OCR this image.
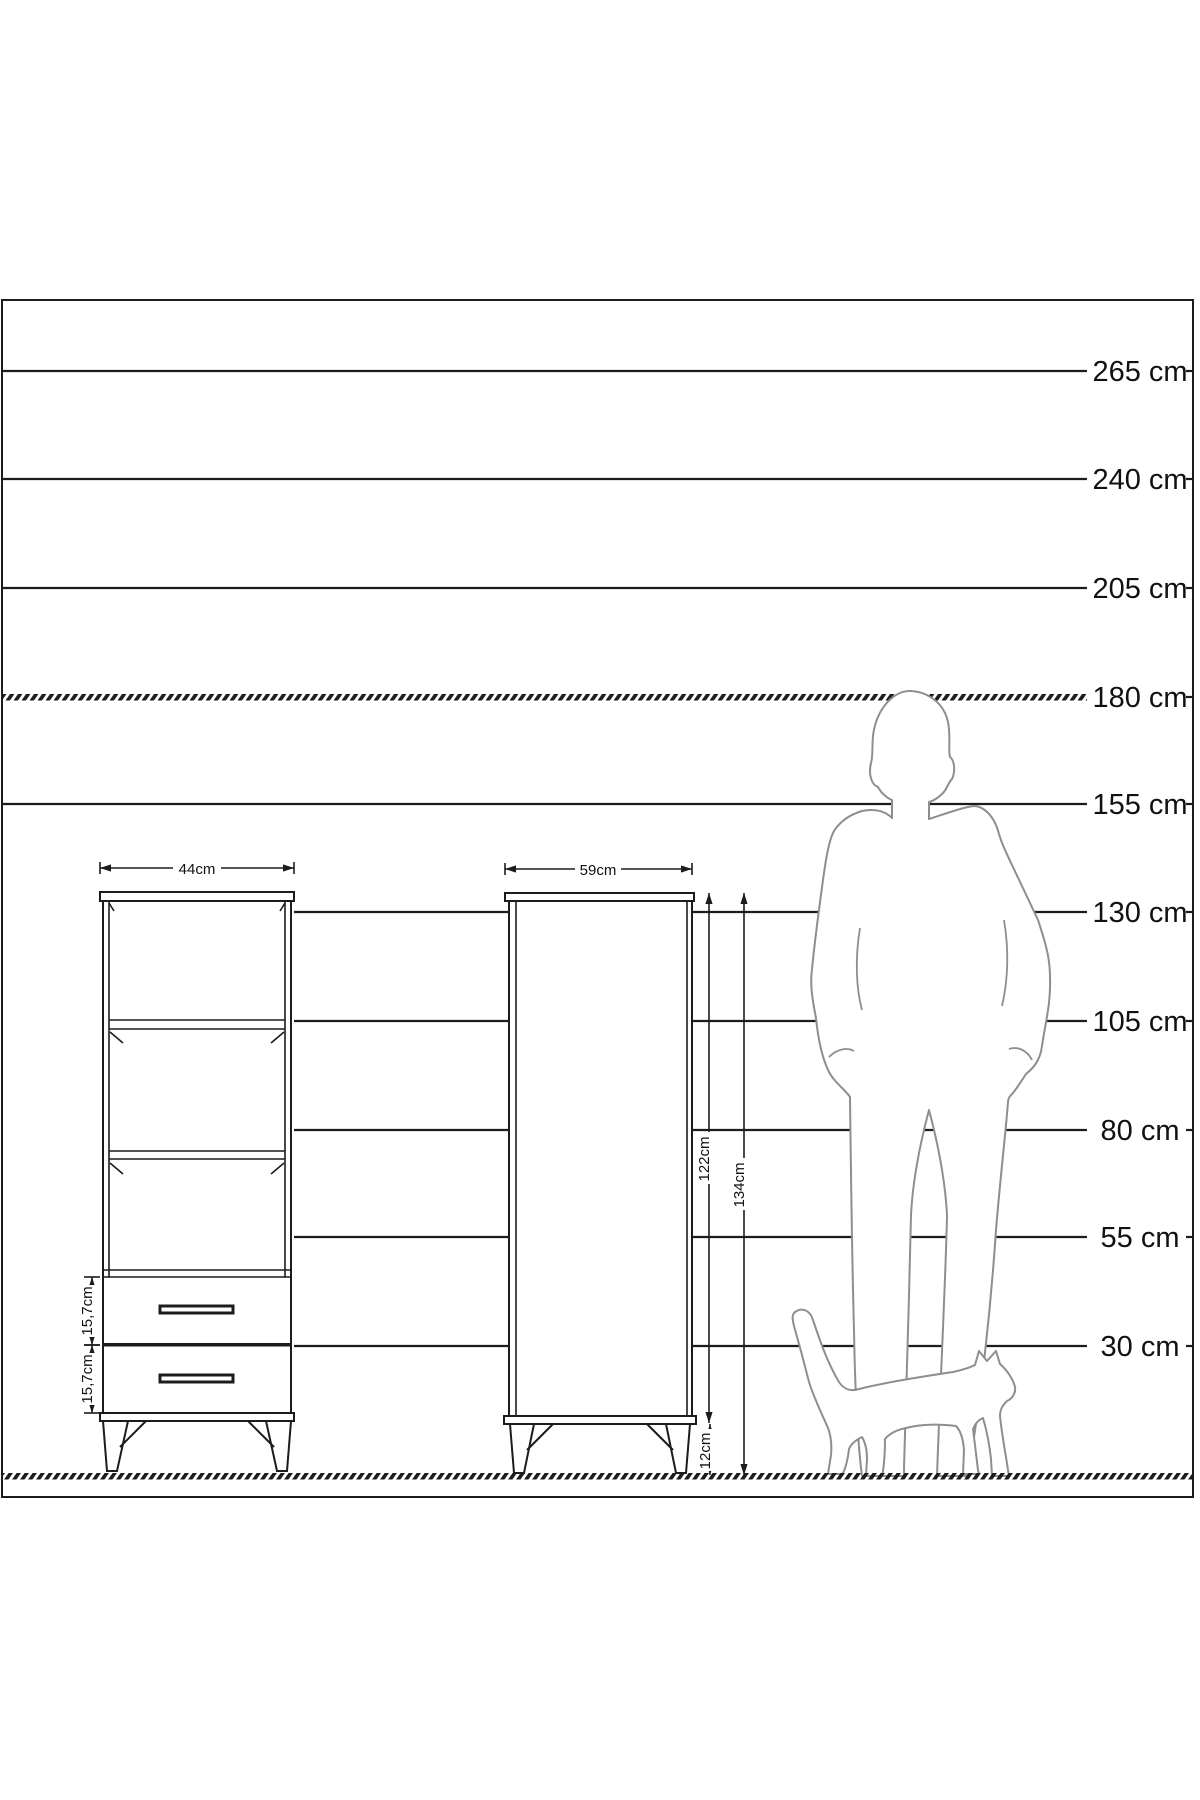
265 cm
240 cm
205 cm
180 cm
155 cm
130 cm
105 cm
80 cm
55 cm
30 cm
44cm
15,7cm
15,7cm
59cm
122cm
134cm
12cm
